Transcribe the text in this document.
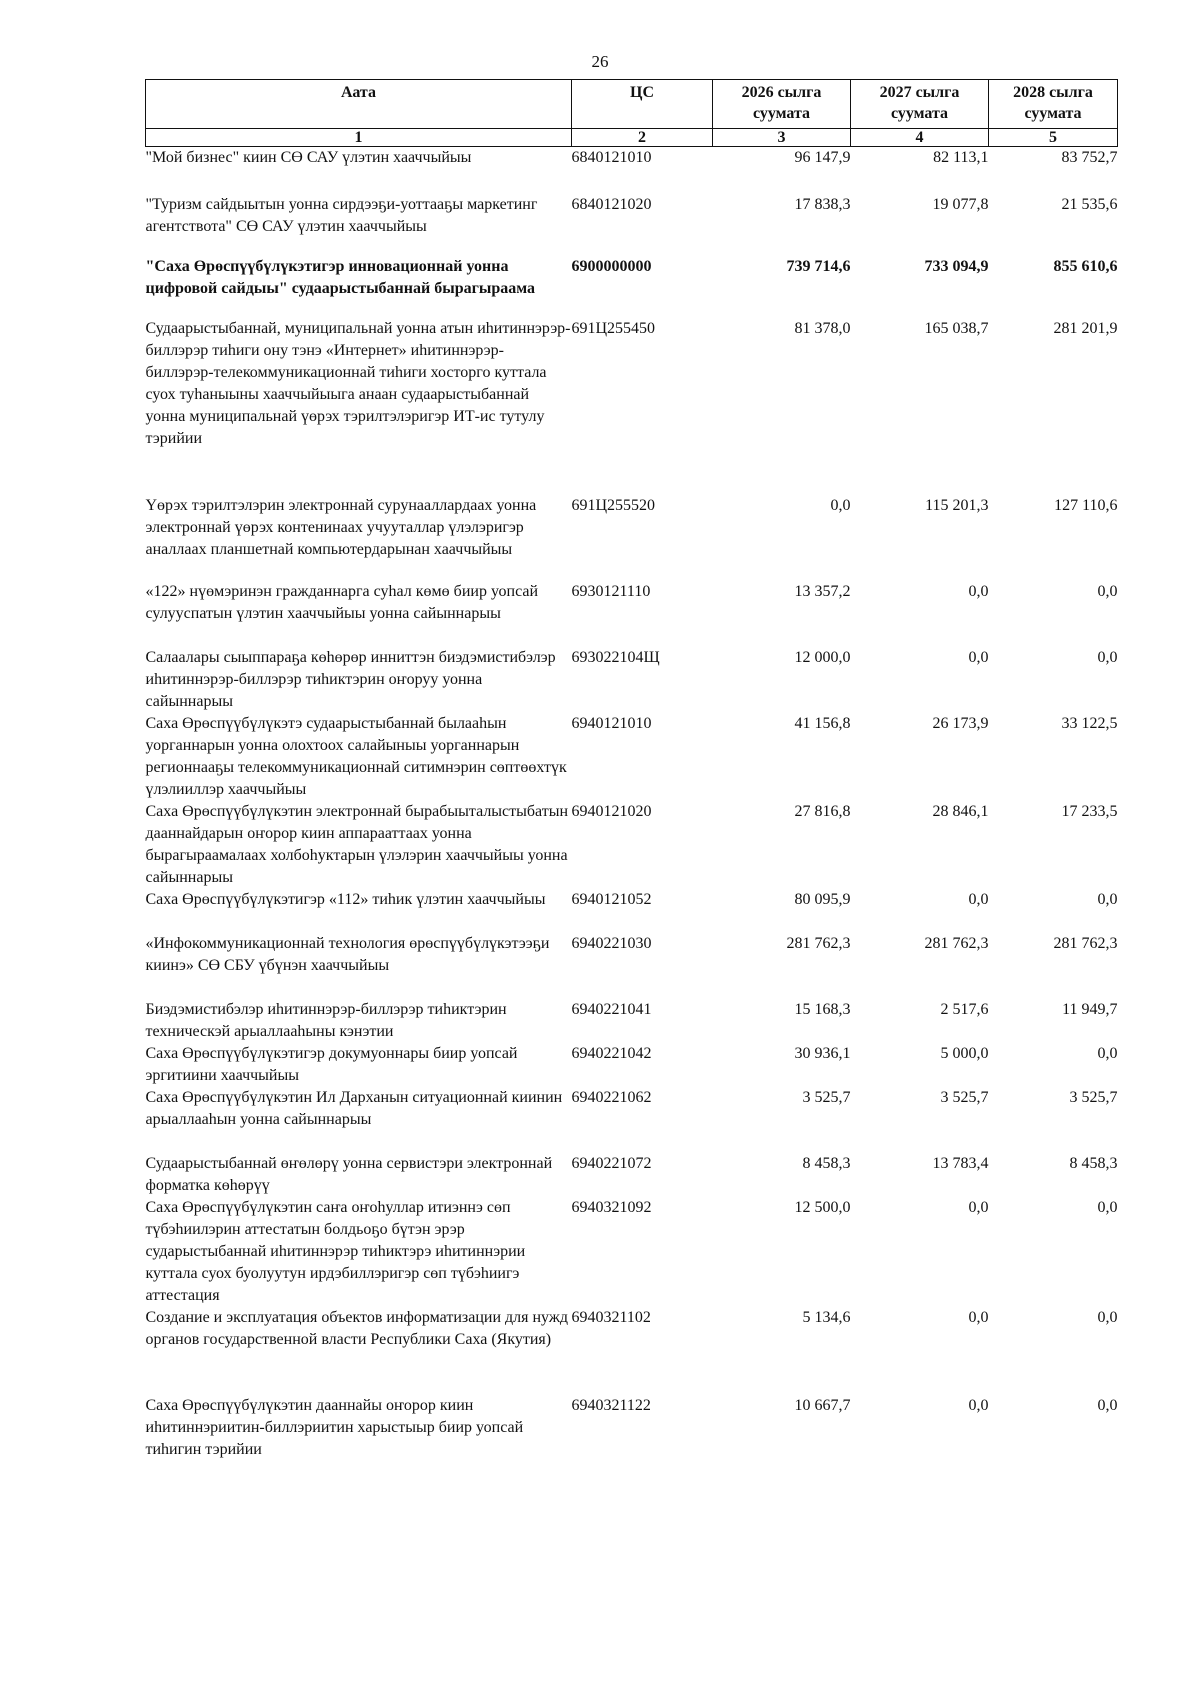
26
Аата	ЦС	2026 сылга суумата	2027 сылга суумата	2028 сылга суумата
1	2	3	4	5
"Мой бизнес" киин СӨ САУ үлэтин хааччыйыы	6840121010	96 147,9	82 113,1	83 752,7
"Туризм сайдыытын уонна сирдээҕи-уоттааҕы маркетинг агентствота" СӨ САУ үлэтин хааччыйыы	6840121020	17 838,3	19 077,8	21 535,6
"Саха Өрөспүүбүлүкэтигэр инновационнай уонна цифровой сайдыы" судаарыстыбаннай бырагыраама	6900000000	739 714,6	733 094,9	855 610,6
Судаарыстыбаннай, муниципальнай уонна атын иһитиннэрэр-биллэрэр тиһиги ону тэнэ «Интернет» иһитиннэрэр-биллэрэр-телекоммуникационнай тиһиги хосторго куттала суох туһаныыны хааччыйыыга анаан судаарыстыбаннай уонна муниципальнай үөрэх тэрилтэлэригэр ИТ-ис тутулу тэрийии	691Ц255450	81 378,0	165 038,7	281 201,9
Үөрэх тэрилтэлэрин электроннай сурунааллардаах уонна электроннай үөрэх контенинаах учууталлар үлэлэригэр аналлаах планшетнай компьютердарынан хааччыйыы	691Ц255520	0,0	115 201,3	127 110,6
«122» нүөмэринэн гражданнарга суһал көмө биир уопсай сулууспатын үлэтин хааччыйыы уонна сайыннарыы	6930121110	13 357,2	0,0	0,0
Салаалары сыыппараҕа көһөрөр инниттэн биэдэмистибэлэр иһитиннэрэр-биллэрэр тиһиктэрин оҥоруу уонна сайыннарыы	693022104Щ	12 000,0	0,0	0,0
Саха Өрөспүүбүлүкэтэ судаарыстыбаннай былааһын уорганнарын уонна олохтоох салайыныы уорганнарын регионнааҕы телекоммуникационнай ситимнэрин сөптөөхтүк үлэлииллэр хааччыйыы	6940121010	41 156,8	26 173,9	33 122,5
Саха Өрөспүүбүлүкэтин электроннай бырабыыталыстыбатын дааннайдарын оҥорор киин аппарааттаах уонна бырагыраамалаах холбоһуктарын үлэлэрин хааччыйыы уонна сайыннарыы	6940121020	27 816,8	28 846,1	17 233,5
Саха Өрөспүүбүлүкэтигэр «112» тиһик үлэтин хааччыйыы	6940121052	80 095,9	0,0	0,0
«Инфокоммуникационнай технология өрөспүүбүлүкэтээҕи киинэ» СӨ СБУ үбүнэн хааччыйыы	6940221030	281 762,3	281 762,3	281 762,3
Биэдэмистибэлэр иһитиннэрэр-биллэрэр тиһиктэрин техническэй арыаллааһыны кэнэтии	6940221041	15 168,3	2 517,6	11 949,7
Саха Өрөспүүбүлүкэтигэр докумуоннары биир уопсай эргитиини хааччыйыы	6940221042	30 936,1	5 000,0	0,0
Саха Өрөспүүбүлүкэтин Ил Дарханын ситуационнай киинин арыаллааһын уонна сайыннарыы	6940221062	3 525,7	3 525,7	3 525,7
Судаарыстыбаннай өҥөлөрү уонна сервистэри электроннай форматка көһөрүү	6940221072	8 458,3	13 783,4	8 458,3
Саха Өрөспүүбүлүкэтин саҥа оҥоһуллар итиэннэ сөп түбэһиилэрин аттестатын болдьоҕо бүтэн эрэр сударыстыбаннай иһитиннэрэр тиһиктэрэ иһитиннэрии куттала суох буолуутун ирдэбиллэригэр сөп түбэһиигэ аттестация	6940321092	12 500,0	0,0	0,0
Создание и эксплуатация объектов информатизации для нужд органов государственной власти Республики Саха (Якутия)	6940321102	5 134,6	0,0	0,0
Саха Өрөспүүбүлүкэтин дааннайы оҥорор киин иһитиннэриитин-биллэриитин харыстыыр биир уопсай тиһигин тэрийии	6940321122	10 667,7	0,0	0,0
